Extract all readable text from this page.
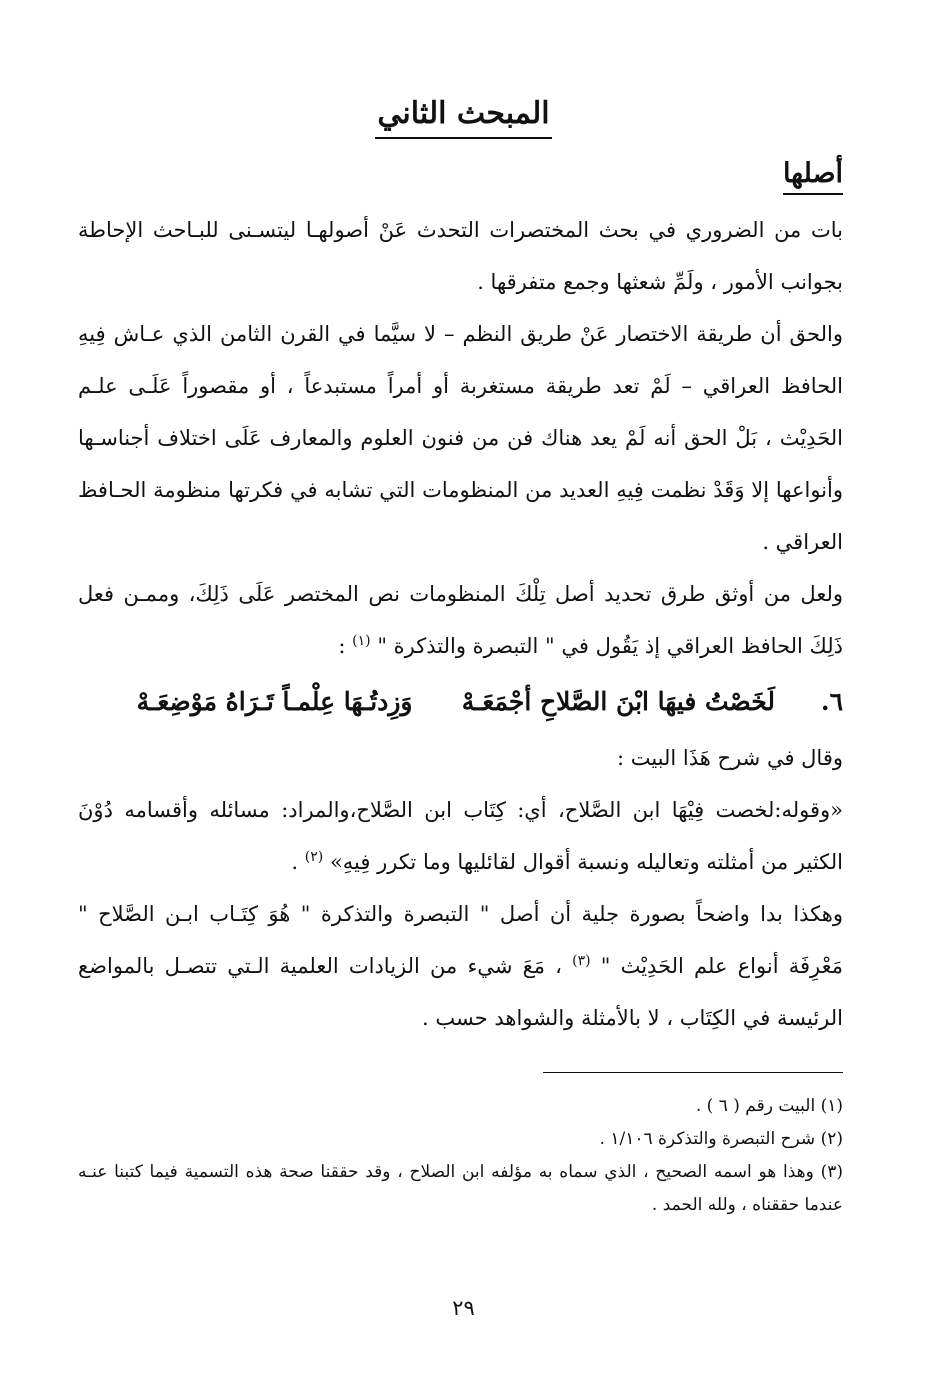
المبحث الثاني
أصلها

بات من الضروري في بحث المختصرات التحدث عَنْ أصولهـا ليتسـنى للبـاحث الإحاطة بجوانب الأمور ، ولَمِّ شعثها وجمع متفرقها .

والحق أن طريقة الاختصار عَنْ طريق النظم – لا سيَّما في القرن الثامن الذي عـاش فِيهِ الحافظ العراقي – لَمْ تعد طريقة مستغربة أو أمراً مستبدعاً ، أو مقصوراً عَلَـى علـم الحَدِيْث ، بَلْ الحق أنه لَمْ يعد هناك فن من فنون العلوم والمعارف عَلَى اختلاف أجناسـها وأنواعها إلا وَقَدْ نظمت فِيهِ العديد من المنظومات التي تشابه في فكرتها منظومة الحـافظ العراقي .

ولعل من أوثق طرق تحديد أصل تِلْكَ المنظومات نص المختصر عَلَى ذَلِكَ، وممـن فعل ذَلِكَ الحافظ العراقي إذ يَقُول في " التبصرة والتذكرة " $^{(١)}$ :

٦.
لَخَصْتُ فيهَا ابْنَ الصَّلاحِ أجْمَعَـهْ
وَزِدتُـهَا عِلْمـاً تَـرَاهُ مَوْضِعَـهْ

وقال في شرح هَذَا البيت :

«وقوله:لخصت فِيْهَا ابن الصَّلاح، أي: كِتَاب ابن الصَّلاح،والمراد: مسائله وأقسامه دُوْنَ الكثير من أمثلته وتعاليله ونسبة أقوال لقائليها وما تكرر فِيهِ» $^{(٢)}$ .

وهكذا بدا واضحاً بصورة جلية أن أصل " التبصرة والتذكرة " هُوَ كِتَـاب ابـن الصَّلاح " مَعْرِفَة أنواع علم الحَدِيْث " $^{(٣)}$ ، مَعَ شيء من الزيادات العلمية الـتي تتصـل بالمواضع الرئيسة في الكِتَاب ، لا بالأمثلة والشواهد حسب .

(١) البيت رقم ( ٦ ) .

(٢) شرح التبصرة والتذكرة ١/١٠٦ .

(٣) وهذا هو اسمه الصحيح ، الذي سماه به مؤلفه ابن الصلاح ، وقد حققنا صحة هذه التسمية فيما كتبنا عنـه عندما حققناه ، ولله الحمد .

٢٩
